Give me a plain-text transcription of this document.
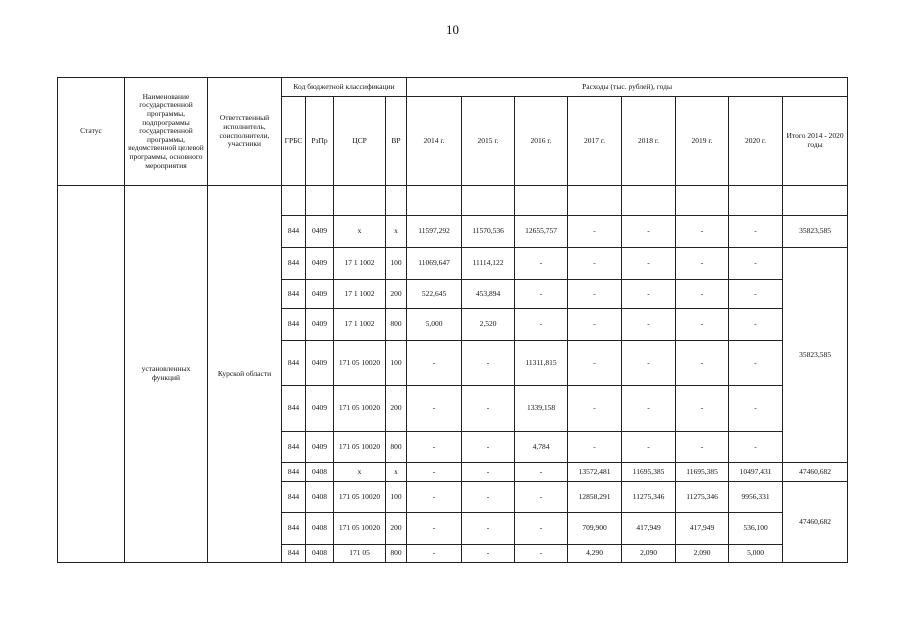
10
Статус	Наименование государственной программы, подпрограммы государственной программы, ведомственной целевой программы, основного мероприятия	Ответственный исполнитель, соисполнители, участники	Код бюджетной классификации				Расходы (тыс. рублей), годы							
			ГРБС	РзПр	ЦСР	ВР	2014 г.	2015 г.	2016 г.	2017 г.	2018 г.	2019 г.	2020 г.	Итого 2014 - 2020 годы
	установленных функций	Курской области												
			844	0409	х	х	11597,292	11570,536	12655,757	-	-	-	-	35823,585
			844	0409	17 1 1002	100	11069,647	11114,122	-	-	-	-	-	35823,585
			844	0409	17 1 1002	200	522,645	453,894	-	-	-	-	-	
			844	0409	17 1 1002	800	5,000	2,520	-	-	-	-	-	
			844	0409	171 05 10020	100	-	-	11311,815	-	-	-	-	
			844	0409	171 05 10020	200	-	-	1339,158	-	-	-	-	
			844	0409	171 05 10020	800	-	-	4,784	-	-	-	-	
			844	0408	х	х	-	-	-	13572,481	11695,385	11695,385	10497,431	47460,682
			844	0408	171 05 10020	100	-	-	-	12858,291	11275,346	11275,346	9956,331	47460,682
			844	0408	171 05 10020	200	-	-	-	709,900	417,949	417,949	536,100	
			844	0408	171 05	800	-	-	-	4,290	2,090	2,090	5,000	
